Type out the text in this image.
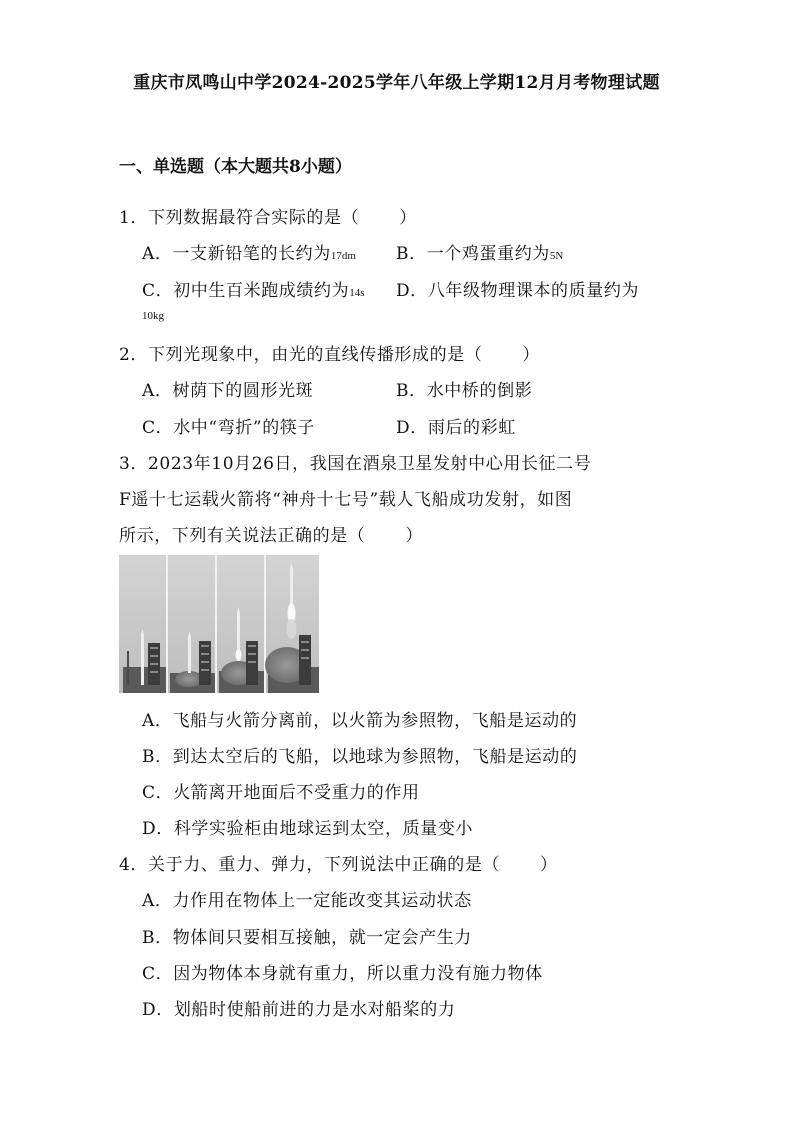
重庆市凤鸣山中学2024-2025学年八年级上学期12月月考物理试题
一、单选题（本大题共8小题）
1．下列数据最符合实际的是（ ）
A．一支新铅笔的长约为17dm B．一个鸡蛋重约为5N
C．初中生百米跑成绩约为14s D．八年级物理课本的质量约为
10kg
2．下列光现象中，由光的直线传播形成的是（ ）
A．树荫下的圆形光斑	B．水中桥的倒影
C．水中“弯折”的筷子	D．雨后的彩虹
3．2023年10月26日，我国在酒泉卫星发射中心用长征二号
F遥十七运载火箭将“神舟十七号”载人飞船成功发射，如图
所示，下列有关说法正确的是（ ）
A．飞船与火箭分离前，以火箭为参照物，飞船是运动的
B．到达太空后的飞船，以地球为参照物，飞船是运动的
C．火箭离开地面后不受重力的作用
D．科学实验柜由地球运到太空，质量变小
4．关于力、重力、弹力，下列说法中正确的是（ ）
A．力作用在物体上一定能改变其运动状态
B．物体间只要相互接触，就一定会产生力
C．因为物体本身就有重力，所以重力没有施力物体
D．划船时使船前进的力是水对船桨的力
